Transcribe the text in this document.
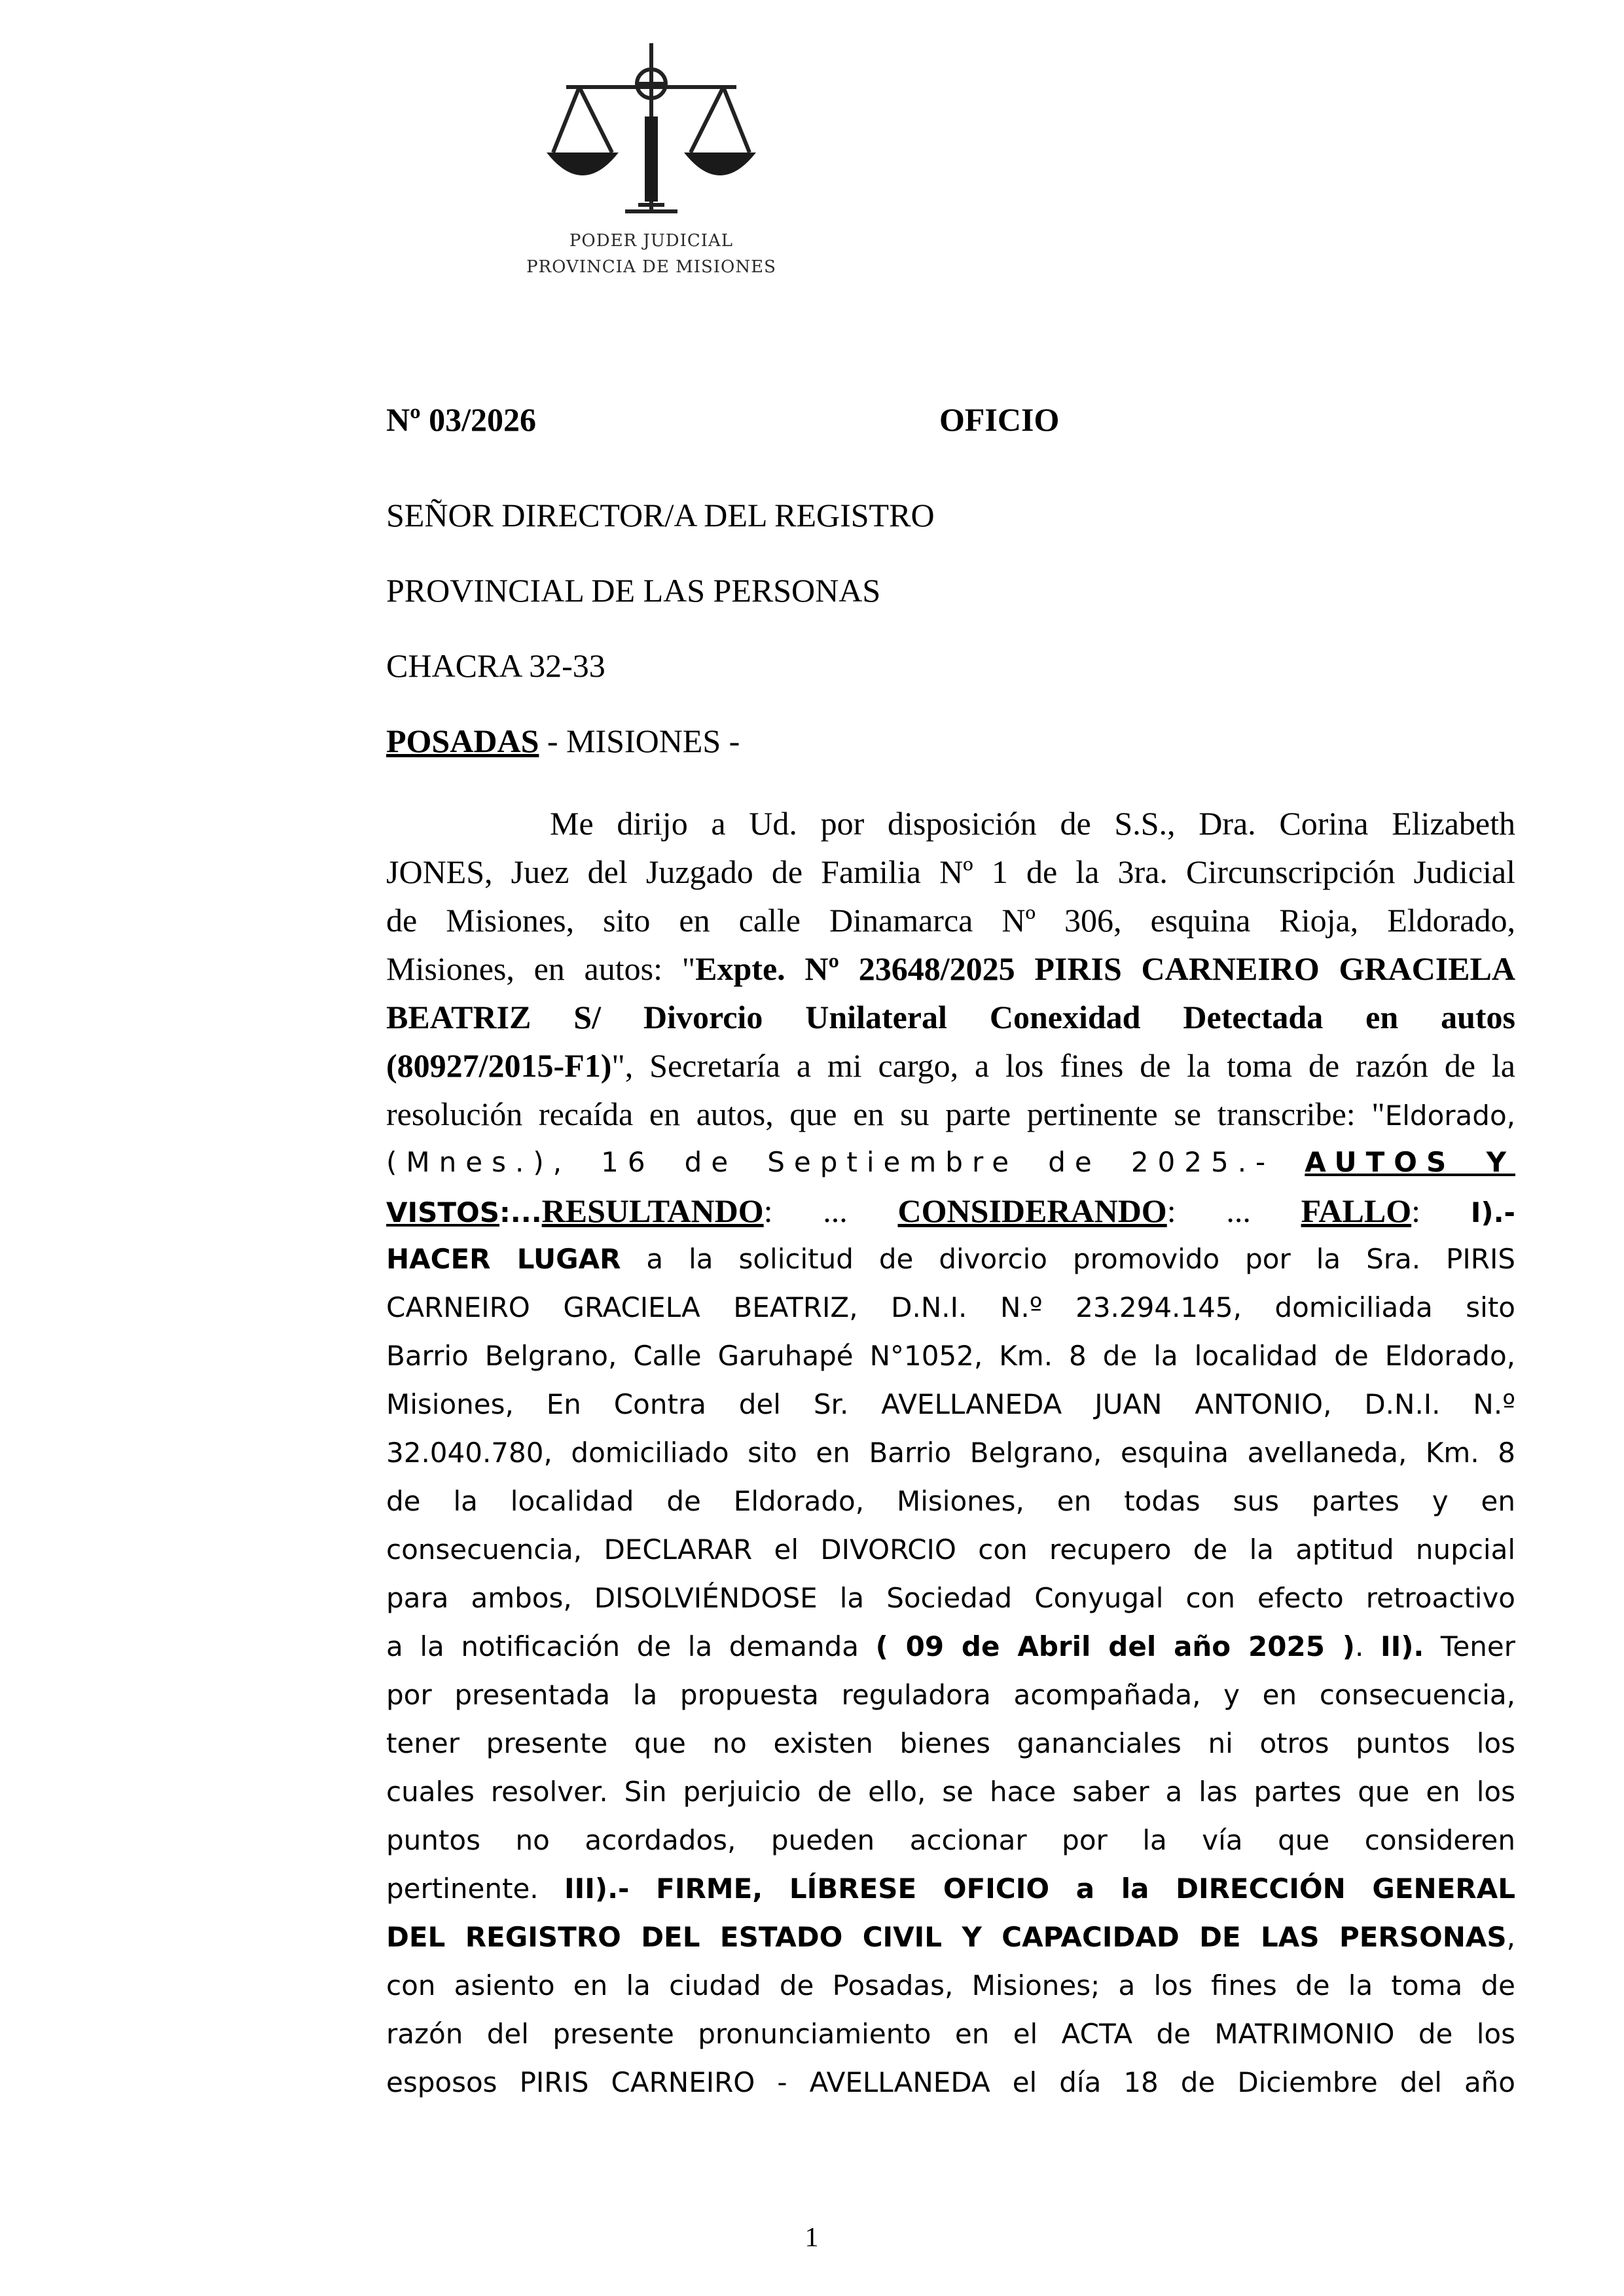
PODER JUDICIAL
PROVINCIA DE MISIONES
Nº 03/2026	OFICIO
SEÑOR DIRECTOR/A DEL REGISTRO
PROVINCIAL DE LAS PERSONAS
CHACRA 32-33
POSADAS - MISIONES -
Me dirijo a Ud. por disposición de S.S., Dra. Corina Elizabeth
JONES, Juez del Juzgado de Familia Nº 1 de la 3ra. Circunscripción Judicial
de Misiones, sito en calle Dinamarca Nº 306, esquina Rioja, Eldorado,
Misiones, en autos: "Expte. Nº 23648/2025 PIRIS CARNEIRO GRACIELA
BEATRIZ S/ Divorcio Unilateral Conexidad Detectada en autos
(80927/2015-F1)", Secretaría a mi cargo, a los fines de la toma de razón de la
resolución recaída en autos, que en su parte pertinente se transcribe: "Eldorado,
(Mnes.), 16 de Septiembre de 2025.- AUTOS Y
VISTOS:...RESULTANDO: ... CONSIDERANDO: ... FALLO: I).-
HACER LUGAR a la solicitud de divorcio promovido por la Sra. PIRIS
CARNEIRO GRACIELA BEATRIZ, D.N.I. N.º 23.294.145, domiciliada sito
Barrio Belgrano, Calle Garuhapé N°1052, Km. 8 de la localidad de Eldorado,
Misiones, En Contra del Sr. AVELLANEDA JUAN ANTONIO, D.N.I. N.º
32.040.780, domiciliado sito en Barrio Belgrano, esquina avellaneda, Km. 8
de la localidad de Eldorado, Misiones, en todas sus partes y en
consecuencia, DECLARAR el DIVORCIO con recupero de la aptitud nupcial
para ambos, DISOLVIÉNDOSE la Sociedad Conyugal con efecto retroactivo
a la notificación de la demanda ( 09 de Abril del año 2025 ). II). Tener
por presentada la propuesta reguladora acompañada, y en consecuencia,
tener presente que no existen bienes gananciales ni otros puntos los
cuales resolver. Sin perjuicio de ello, se hace saber a las partes que en los
puntos no acordados, pueden accionar por la vía que consideren
pertinente. III).- FIRME, LÍBRESE OFICIO a la DIRECCIÓN GENERAL
DEL REGISTRO DEL ESTADO CIVIL Y CAPACIDAD DE LAS PERSONAS,
con asiento en la ciudad de Posadas, Misiones; a los fines de la toma de
razón del presente pronunciamiento en el ACTA de MATRIMONIO de los
esposos PIRIS CARNEIRO - AVELLANEDA el día 18 de Diciembre del año
1
